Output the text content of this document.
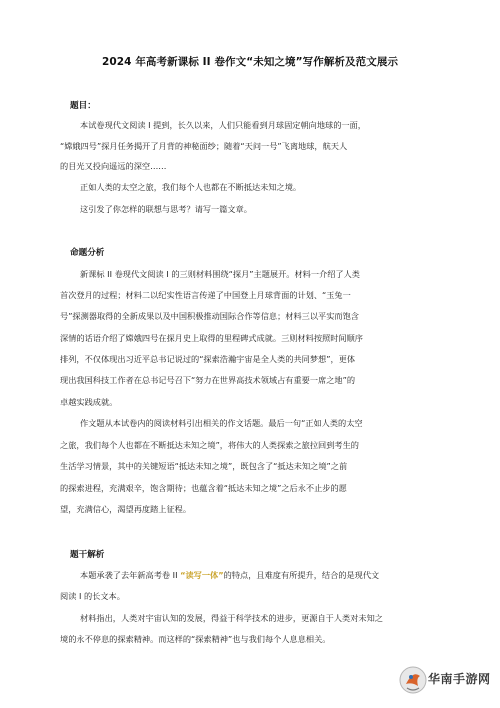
2024 年高考新课标 II 卷作文“未知之境”写作解析及范文展示
题目：
本试卷现代文阅读 I 提到，长久以来，人们只能看到月球固定朝向地球的一面，
“嫦娥四号”探月任务揭开了月背的神秘面纱；随着“天问一号”飞离地球，航天人
的目光又投向遥远的深空……
正如人类的太空之旅，我们每个人也都在不断抵达未知之境。
这引发了你怎样的联想与思考？请写一篇文章。
命题分析
新课标 II 卷现代文阅读 I 的三则材料围绕“探月”主题展开。材料一介绍了人类
首次登月的过程；材料二以纪实性语言传递了中国登上月球背面的计划、“玉兔一
号”探测器取得的全新成果以及中国积极推动国际合作等信息；材料三以平实而饱含
深情的话语介绍了嫦娥四号在探月史上取得的里程碑式成就。三则材料按照时间顺序
排列，不仅体现出习近平总书记说过的“探索浩瀚宇宙是全人类的共同梦想”，更体
现出我国科技工作者在总书记号召下“努力在世界高技术领域占有重要一席之地”的
卓越实践成就。
作文题从本试卷内的阅读材料引出相关的作文话题。最后一句“正如人类的太空
之旅，我们每个人也都在不断抵达未知之境”，将伟大的人类探索之旅拉回到考生的
生活学习情景，其中的关键短语“抵达未知之境”，既包含了“抵达未知之境”之前
的探索进程，充满艰辛，饱含期待；也蕴含着“抵达未知之境”之后永不止步的愿
望，充满信心，渴望再度踏上征程。
题干解析
本题承袭了去年新高考卷 II “读写一体”的特点，且难度有所提升，结合的是现代文
阅读 I 的长文本。
材料指出，人类对宇宙认知的发展，得益于科学技术的进步，更源自于人类对未知之
境的永不停息的探索精神。而这样的“探索精神”也与我们每个人息息相关。
华南手游网
